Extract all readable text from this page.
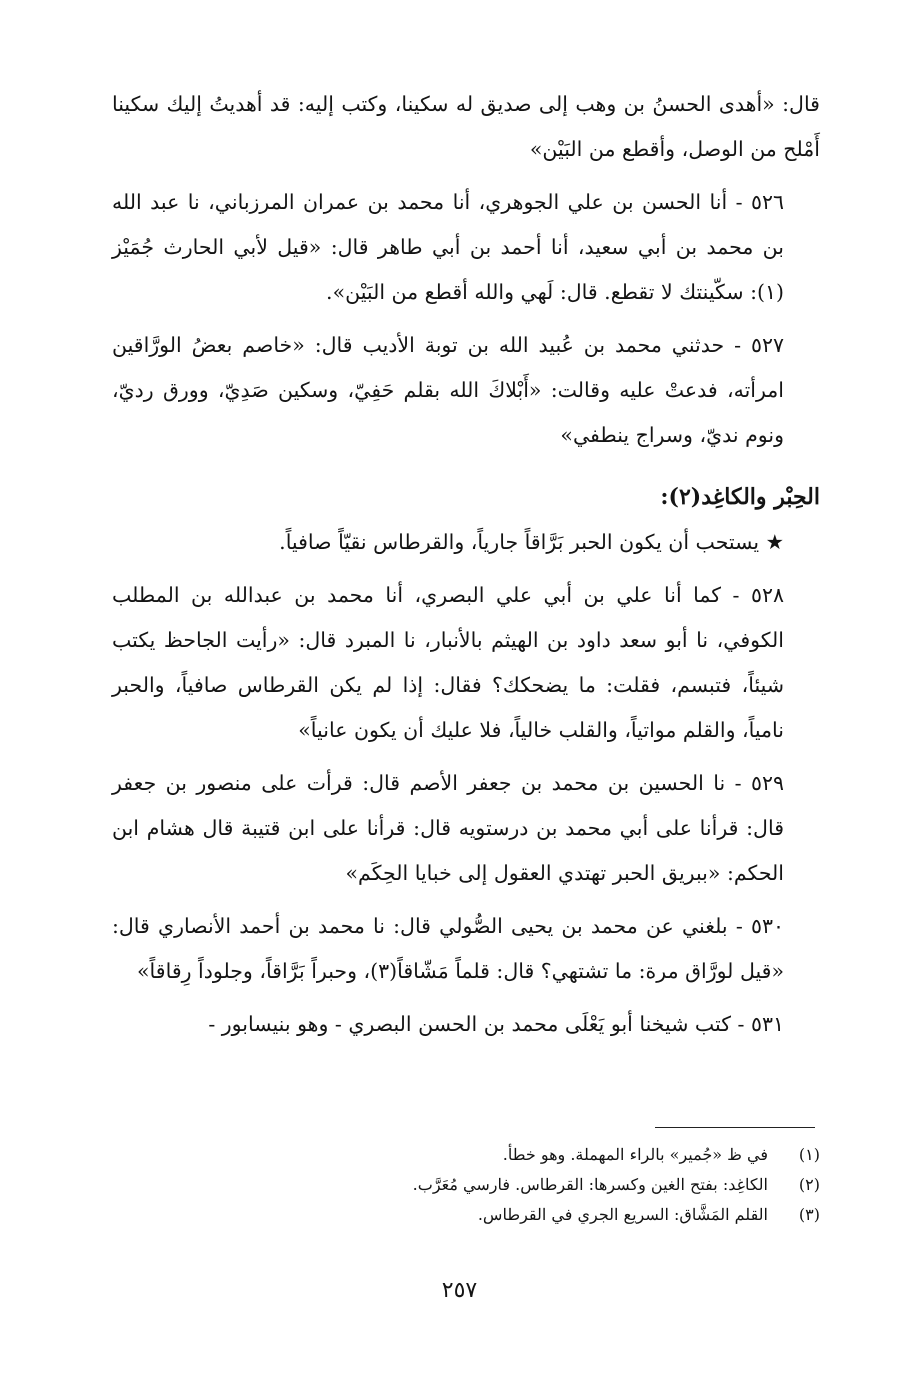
قال: «أهدى الحسنُ بن وهب إلى صديق له سكينا، وكتب إليه: قد أهديتُ إليك سكينا أَمْلح من الوصل، وأقطع من البَيْن»

٥٢٦ - أنا الحسن بن علي الجوهري، أنا محمد بن عمران المرزباني، نا عبد الله بن محمد بن أبي سعيد، أنا أحمد بن أبي طاهر قال: «قيل لأبي الحارث جُمَيْز (١): سكّينتك لا تقطع. قال: لَهي والله أقطع من البَيْن».

٥٢٧ - حدثني محمد بن عُبيد الله بن توبة الأديب قال: «خاصم بعضُ الورَّاقين امرأته، فدعتْ عليه وقالت: «أَبْلاكَ الله بقلم حَفِيّ، وسكين صَدِيّ، وورق رديّ، ونوم نديّ، وسراج ينطفي»

الحِبْر والكاغِد(٢):

★ يستحب أن يكون الحبر بَرَّاقاً جارياً، والقرطاس نقيّاً صافياً.

٥٢٨ - كما أنا علي بن أبي علي البصري، أنا محمد بن عبدالله بن المطلب الكوفي، نا أبو سعد داود بن الهيثم بالأنبار، نا المبرد قال: «رأيت الجاحظ يكتب شيئاً، فتبسم، فقلت: ما يضحكك؟ فقال: إذا لم يكن القرطاس صافياً، والحبر نامياً، والقلم مواتياً، والقلب خالياً، فلا عليك أن يكون عانياً»

٥٢٩ - نا الحسين بن محمد بن جعفر الأصم قال: قرأت على منصور بن جعفر قال: قرأنا على أبي محمد بن درستويه قال: قرأنا على ابن قتيبة قال هشام ابن الحكم: «ببريق الحبر تهتدي العقول إلى خبايا الحِكَم»

٥٣٠ - بلغني عن محمد بن يحيى الصُّولي قال: نا محمد بن أحمد الأنصاري قال: «قيل لورَّاق مرة: ما تشتهي؟ قال: قلماً مَشّاقاً(٣)، وحبراً بَرَّاقاً، وجلوداً رِقاقاً»

٥٣١ - كتب شيخنا أبو يَعْلَى محمد بن الحسن البصري - وهو بنيسابور -

(١)
في ظ «جُمير» بالراء المهملة. وهو خطأ.
(٢)
الكاغِد: بفتح الغين وكسرها: القرطاس. فارسي مُعَرَّب.
(٣)
القلم المَشَّاق: السريع الجري في القرطاس.
٢٥٧
